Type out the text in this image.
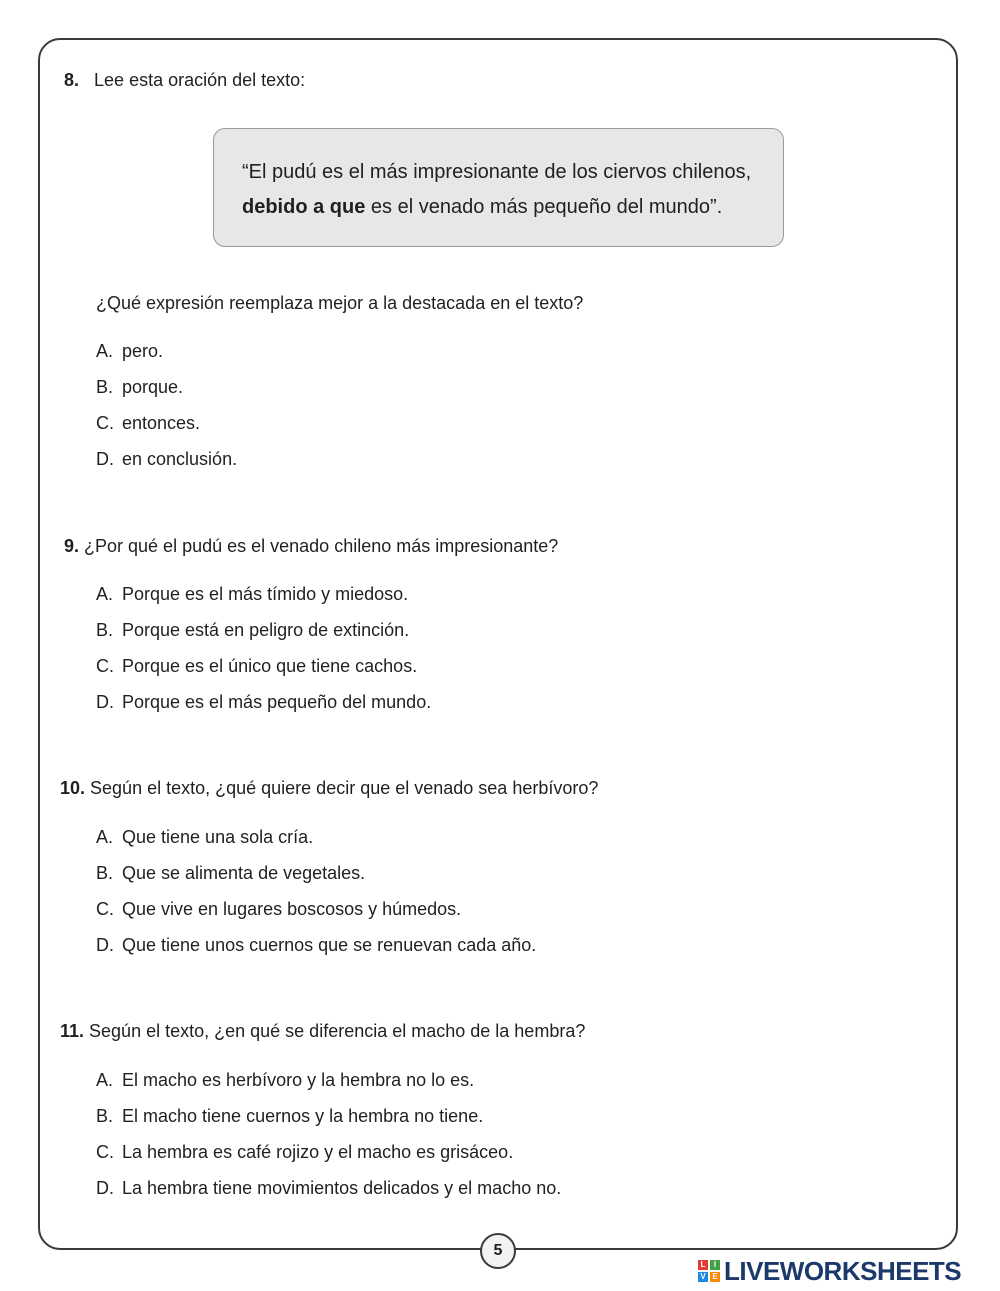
8. Lee esta oración del texto:
“El pudú es el más impresionante de los ciervos chilenos,
debido a que es el venado más pequeño del mundo”.
¿Qué expresión reemplaza mejor a la destacada en el texto?
A. pero.
B. porque.
C. entonces.
D. en conclusión.
9. ¿Por qué el pudú es el venado chileno más impresionante?
A. Porque es el más tímido y miedoso.
B. Porque está en peligro de extinción.
C. Porque es el único que tiene cachos.
D. Porque es el más pequeño del mundo.
10. Según el texto, ¿qué quiere decir que el venado sea herbívoro?
A. Que tiene una sola cría.
B. Que se alimenta de vegetales.
C. Que vive en lugares boscosos y húmedos.
D. Que tiene unos cuernos que se renuevan cada año.
11. Según el texto, ¿en qué se diferencia el macho de la hembra?
A. El macho es herbívoro y la hembra no lo es.
B. El macho tiene cuernos y la hembra no tiene.
C. La hembra es café rojizo y el macho es grisáceo.
D. La hembra tiene movimientos delicados y el macho no.
5
L	I
V E LIVEWORKSHEETS
